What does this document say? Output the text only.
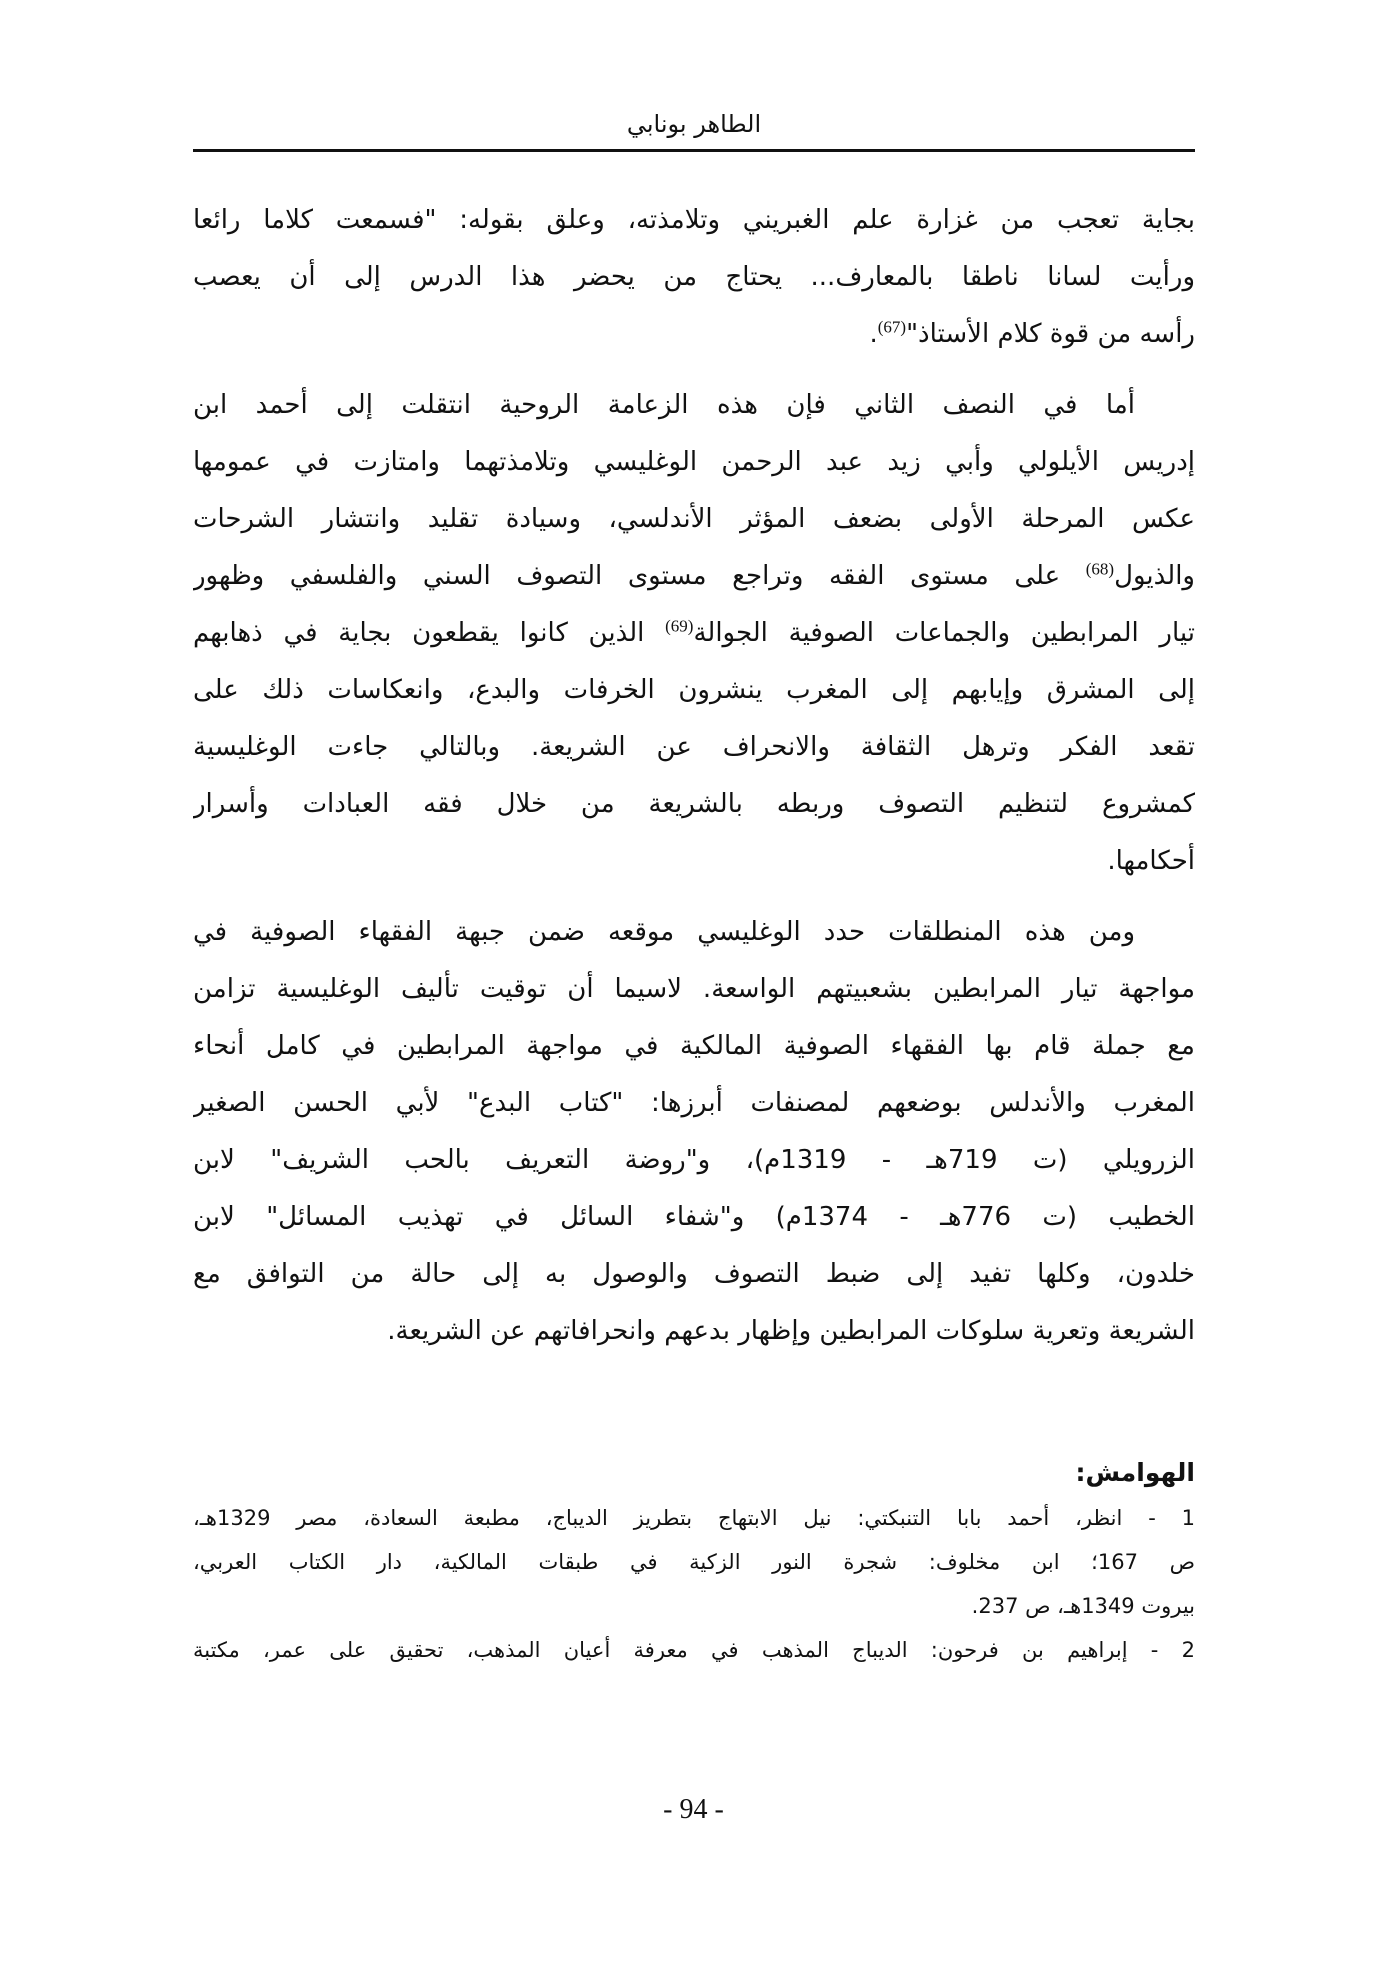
الطاهر بونابي
بجاية تعجب من غزارة علم الغبريني وتلامذته، وعلق بقوله: "فسمعت كلاما رائعا
ورأيت لسانا ناطقا بالمعارف... يحتاج من يحضر هذا الدرس إلى أن يعصب
رأسه من قوة كلام الأستاذ"$^{(67)}$.
أما في النصف الثاني فإن هذه الزعامة الروحية انتقلت إلى أحمد ابن
إدريس الأيلولي وأبي زيد عبد الرحمن الوغليسي وتلامذتهما وامتازت في عمومها
عكس المرحلة الأولى بضعف المؤثر الأندلسي، وسيادة تقليد وانتشار الشرحات
والذيول$^{(68)}$ على مستوى الفقه وتراجع مستوى التصوف السني والفلسفي وظهور
تيار المرابطين والجماعات الصوفية الجوالة$^{(69)}$ الذين كانوا يقطعون بجاية في ذهابهم
إلى المشرق وإيابهم إلى المغرب ينشرون الخرفات والبدع، وانعكاسات ذلك على
تقعد الفكر وترهل الثقافة والانحراف عن الشريعة. وبالتالي جاءت الوغليسية
كمشروع لتنظيم التصوف وربطه بالشريعة من خلال فقه العبادات وأسرار
أحكامها.
ومن هذه المنطلقات حدد الوغليسي موقعه ضمن جبهة الفقهاء الصوفية في
مواجهة تيار المرابطين بشعبيتهم الواسعة. لاسيما أن توقيت تأليف الوغليسية تزامن
مع جملة قام بها الفقهاء الصوفية المالكية في مواجهة المرابطين في كامل أنحاء
المغرب والأندلس بوضعهم لمصنفات أبرزها: "كتاب البدع" لأبي الحسن الصغير
الزرويلي (ت 719هـ - 1319م)، و"روضة التعريف بالحب الشريف" لابن
الخطيب (ت 776هـ - 1374م) و"شفاء السائل في تهذيب المسائل" لابن
خلدون، وكلها تفيد إلى ضبط التصوف والوصول به إلى حالة من التوافق مع
الشريعة وتعرية سلوكات المرابطين وإظهار بدعهم وانحرافاتهم عن الشريعة.
الهوامش:
1 - انظر، أحمد بابا التنبكتي: نيل الابتهاج بتطريز الديباج، مطبعة السعادة، مصر 1329هـ،
ص 167؛ ابن مخلوف: شجرة النور الزكية في طبقات المالكية، دار الكتاب العربي،
بيروت 1349هـ، ص 237.
2 - إبراهيم بن فرحون: الديباج المذهب في معرفة أعيان المذهب، تحقيق على عمر، مكتبة
- 94 -
